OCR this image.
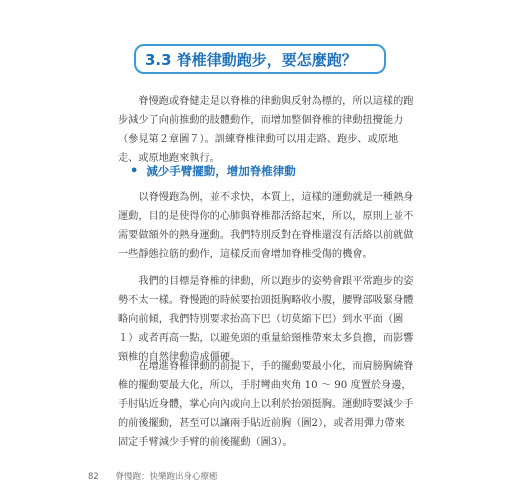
3.3 脊椎律動跑步，要怎麼跑？

脊慢跑或脊健走是以脊椎的律動與反射為標的，所以這樣的跑步減少了向前推動的肢體動作，而增加整個脊椎的律動扭攪能力（參見第２章圖７）。訓練脊椎律動可以用走路、跑步、或原地走、或原地跑來執行。

• 減少手臂擺動，增加脊椎律動

以脊慢跑為例，並不求快，本質上，這樣的運動就是一種熱身運動，目的是使得你的心肺與脊椎都活絡起來，所以，原則上並不需要做額外的熱身運動。我們特別反對在脊椎還沒有活絡以前就做一些靜態拉筋的動作，這樣反而會增加脊椎受傷的機會。

我們的目標是脊椎的律動，所以跑步的姿勢會跟平常跑步的姿勢不太一樣。脊慢跑的時候要抬頭挺胸略收小腹，腰臀部吸緊身體略向前傾，我們特別要求抬高下巴（切莫縮下巴）到水平面（圖１）或者再高一點，以避免頭的重量給頸椎帶來太多負擔，而影響頸椎的自然律動造成僵硬。

在增進脊椎律動的前提下，手的擺動要最小化，而肩膀胸繞脊椎的擺動要最大化，所以，手肘彎曲夾角 10 ～ 90 度置於身邊，手肘貼近身體，掌心向內或向上以利於抬頭挺胸。運動時要減少手的前後擺動，甚至可以讓兩手貼近前胸（圖2），或者用彈力帶來固定手臂減少手臂的前後擺動（圖3）。

82 脊慢跑：快樂跑出身心療癒
